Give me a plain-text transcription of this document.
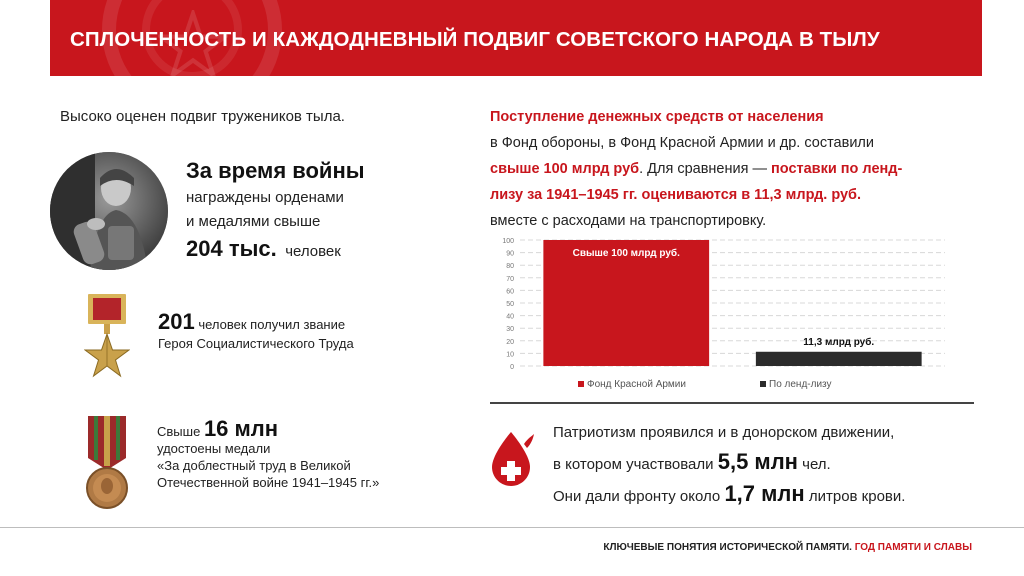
СПЛОЧЕННОСТЬ И КАЖДОДНЕВНЫЙ ПОДВИГ СОВЕТСКОГО НАРОДА В ТЫЛУ
Высоко оценен подвиг тружеников тыла.
За время войны
награждены орденами
и медалями свыше
204 тыс. человек
201 человек получил звание
Героя Социалистического Труда
Свыше 16 млн
удостоены медали
«За доблестный труд в Великой
Отечественной войне 1941–1945 гг.»
Поступление денежных средств от населения
в Фонд обороны, в Фонд Красной Армии и др. составили
свыше 100 млрд руб. Для сравнения — поставки по ленд-
лизу за 1941–1945 гг. оцениваются в 11,3 млрд. руб.
вместе с расходами на транспортировку.
0
10
20
30
40
50
60
70
80
90
100
Свыше 100 млрд руб.
11,3 млрд руб.
Фонд Красной Армии	По ленд-лизу
Патриотизм проявился и в донорском движении,
в котором участвовали 5,5 млн чел.
Они дали фронту около 1,7 млн литров крови.
КЛЮЧЕВЫЕ ПОНЯТИЯ ИСТОРИЧЕСКОЙ ПАМЯТИ. ГОД ПАМЯТИ И СЛАВЫ
